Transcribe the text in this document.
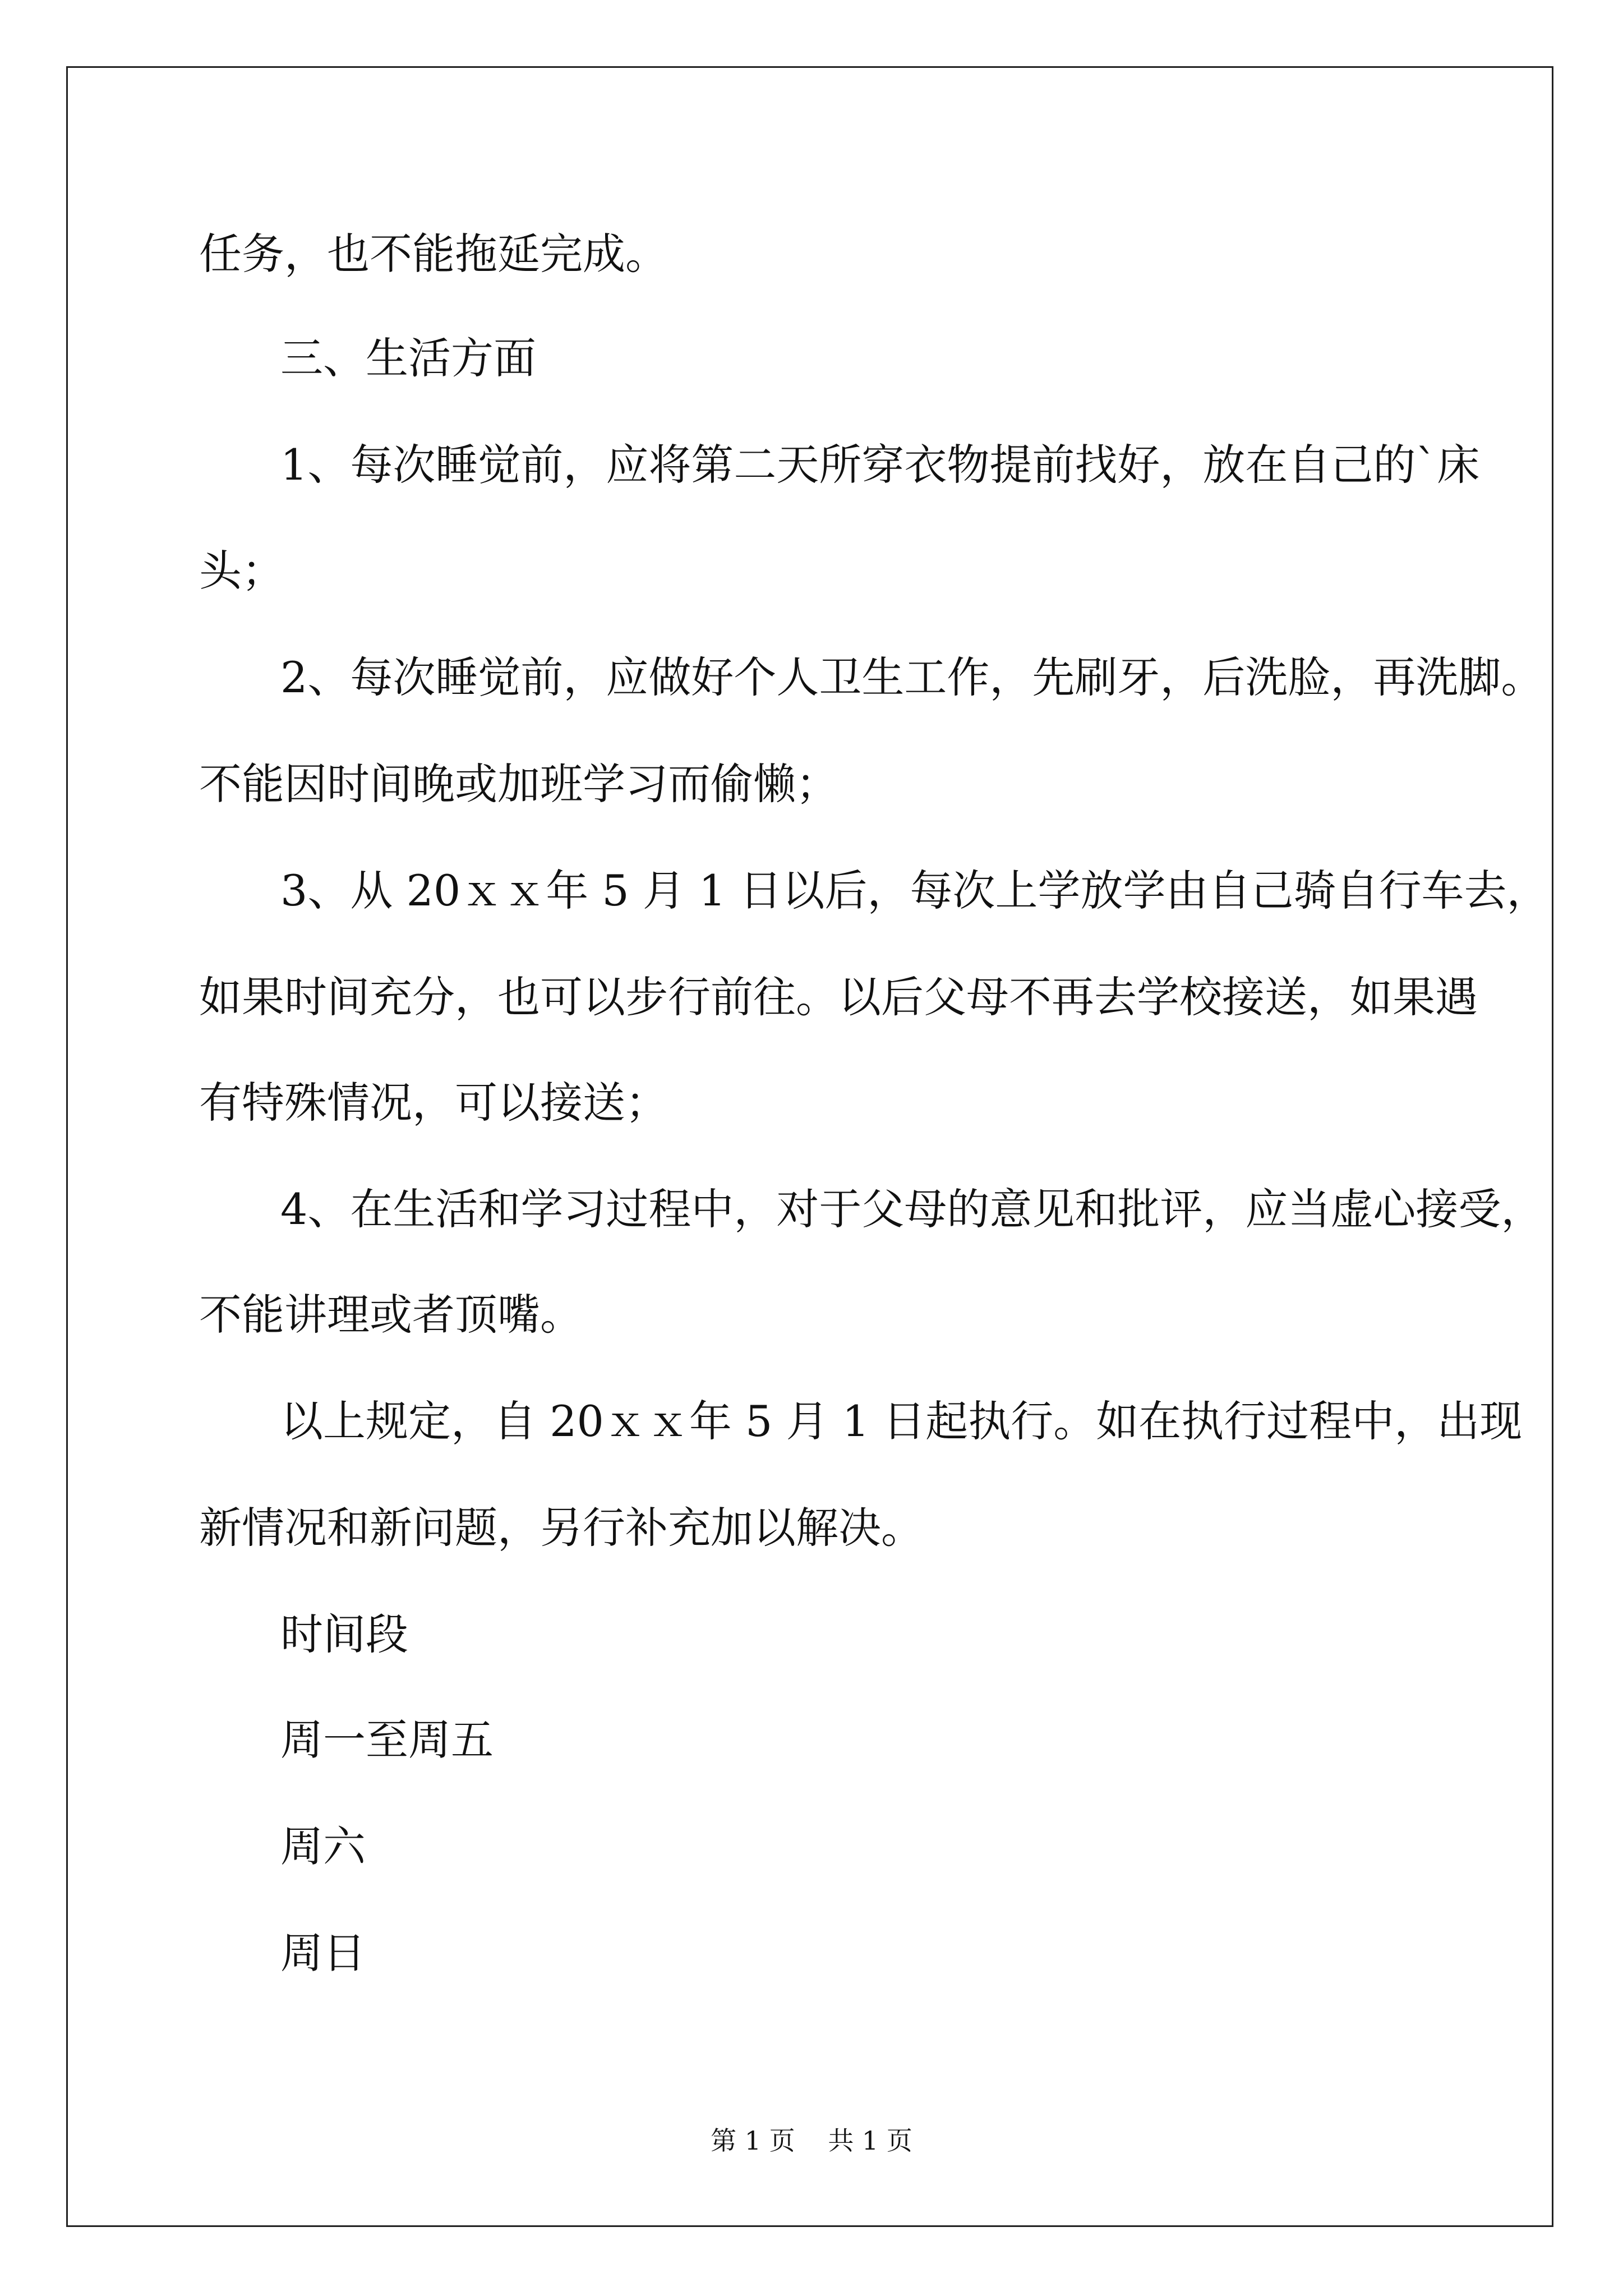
任务，也不能拖延完成。
三、生活方面
1、每次睡觉前，应将第二天所穿衣物提前找好，放在自己的`床
头；
2、每次睡觉前，应做好个人卫生工作，先刷牙，后洗脸，再洗脚。
不能因时间晚或加班学习而偷懒；
3、从 20ｘｘ年 5 月 1 日以后，每次上学放学由自己骑自行车去，
如果时间充分，也可以步行前往。以后父母不再去学校接送，如果遇
有特殊情况，可以接送；
4、在生活和学习过程中，对于父母的意见和批评，应当虚心接受，
不能讲理或者顶嘴。
以上规定，自 20ｘｘ年 5 月 1 日起执行。如在执行过程中，出现
新情况和新问题，另行补充加以解决。
时间段
周一至周五
周六
周日
第 1 页 共 1 页
